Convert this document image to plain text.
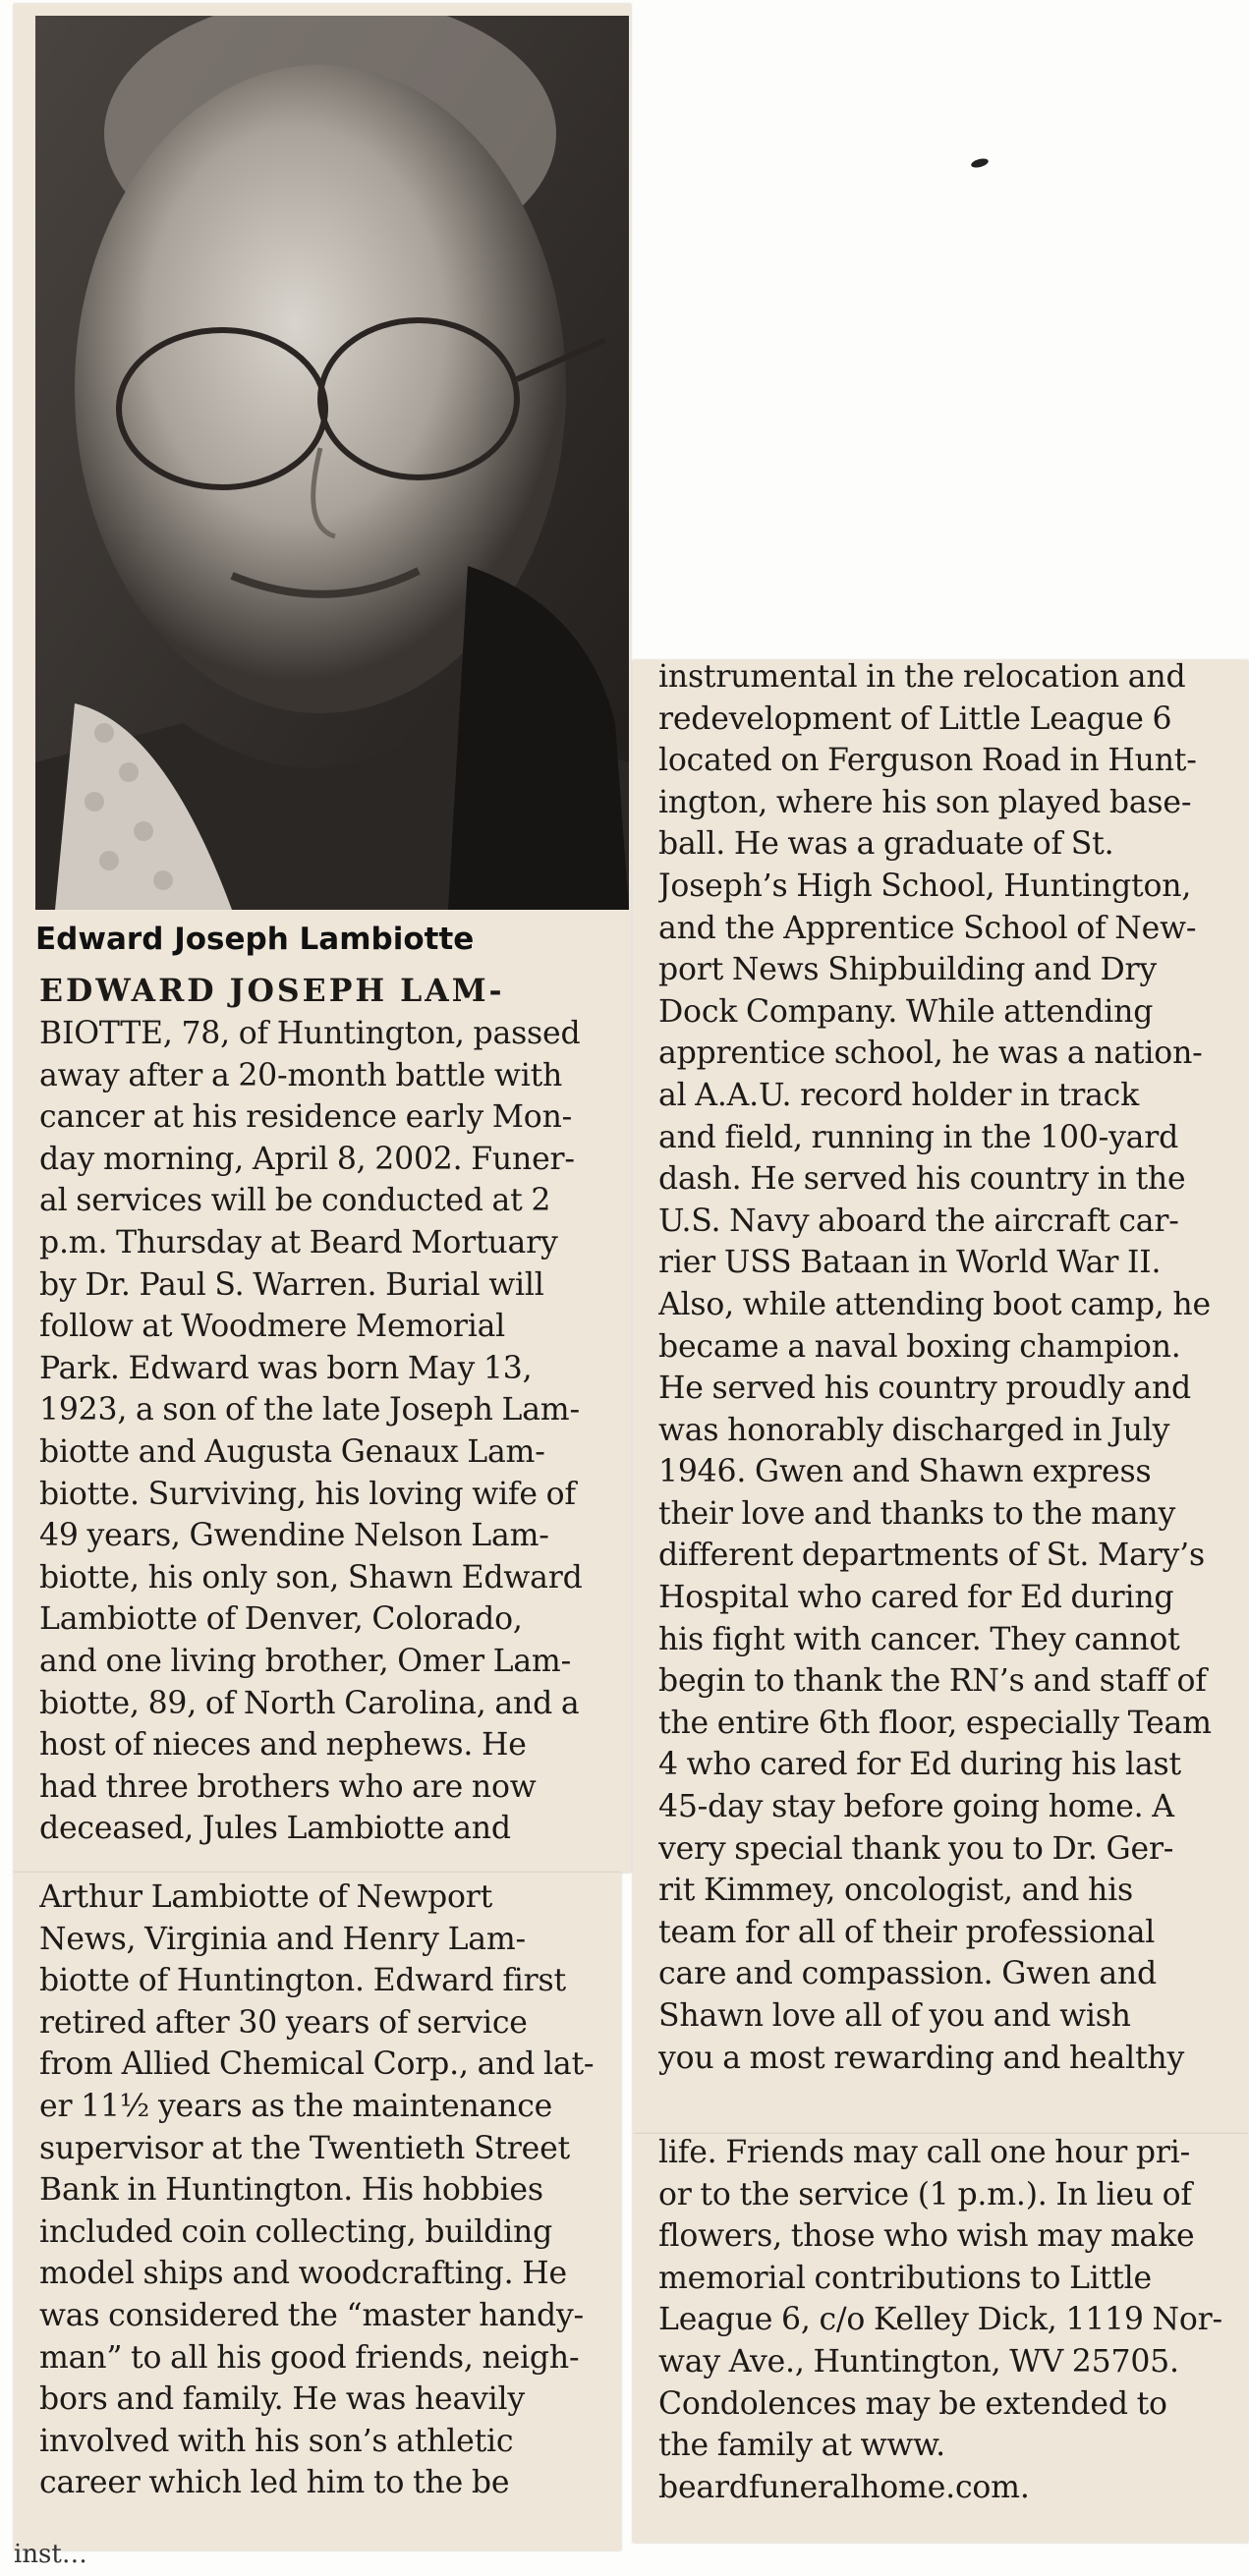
Edward Joseph Lambiotte
EDWARD JOSEPH LAM-
BIOTTE, 78, of Huntington, passed
away after a 20-month battle with
cancer at his residence early Mon-
day morning, April 8, 2002. Funer-
al services will be conducted at 2
p.m. Thursday at Beard Mortuary
by Dr. Paul S. Warren. Burial will
follow at Woodmere Memorial
Park. Edward was born May 13,
1923, a son of the late Joseph Lam-
biotte and Augusta Genaux Lam-
biotte. Surviving, his loving wife of
49 years, Gwendine Nelson Lam-
biotte, his only son, Shawn Edward
Lambiotte of Denver, Colorado,
and one living brother, Omer Lam-
biotte, 89, of North Carolina, and a
host of nieces and nephews. He
had three brothers who are now
deceased, Jules Lambiotte and
Arthur Lambiotte of Newport
News, Virginia and Henry Lam-
biotte of Huntington. Edward first
retired after 30 years of service
from Allied Chemical Corp., and lat-
er 11½ years as the maintenance
supervisor at the Twentieth Street
Bank in Huntington. His hobbies
included coin collecting, building
model ships and woodcrafting. He
was considered the “master handy-
man” to all his good friends, neigh-
bors and family. He was heavily
involved with his son’s athletic
career which led him to the be
inst…
instrumental in the relocation and
redevelopment of Little League 6
located on Ferguson Road in Hunt-
ington, where his son played base-
ball. He was a graduate of St.
Joseph’s High School, Huntington,
and the Apprentice School of New-
port News Shipbuilding and Dry
Dock Company. While attending
apprentice school, he was a nation-
al A.A.U. record holder in track
and field, running in the 100-yard
dash. He served his country in the
U.S. Navy aboard the aircraft car-
rier USS Bataan in World War II.
Also, while attending boot camp, he
became a naval boxing champion.
He served his country proudly and
was honorably discharged in July
1946. Gwen and Shawn express
their love and thanks to the many
different departments of St. Mary’s
Hospital who cared for Ed during
his fight with cancer. They cannot
begin to thank the RN’s and staff of
the entire 6th floor, especially Team
4 who cared for Ed during his last
45-day stay before going home. A
very special thank you to Dr. Ger-
rit Kimmey, oncologist, and his
team for all of their professional
care and compassion. Gwen and
Shawn love all of you and wish
you a most rewarding and healthy
life. Friends may call one hour pri-
or to the service (1 p.m.). In lieu of
flowers, those who wish may make
memorial contributions to Little
League 6, c/o Kelley Dick, 1119 Nor-
way Ave., Huntington, WV 25705.
Condolences may be extended to
the family at www.
beardfuneralhome.com.
